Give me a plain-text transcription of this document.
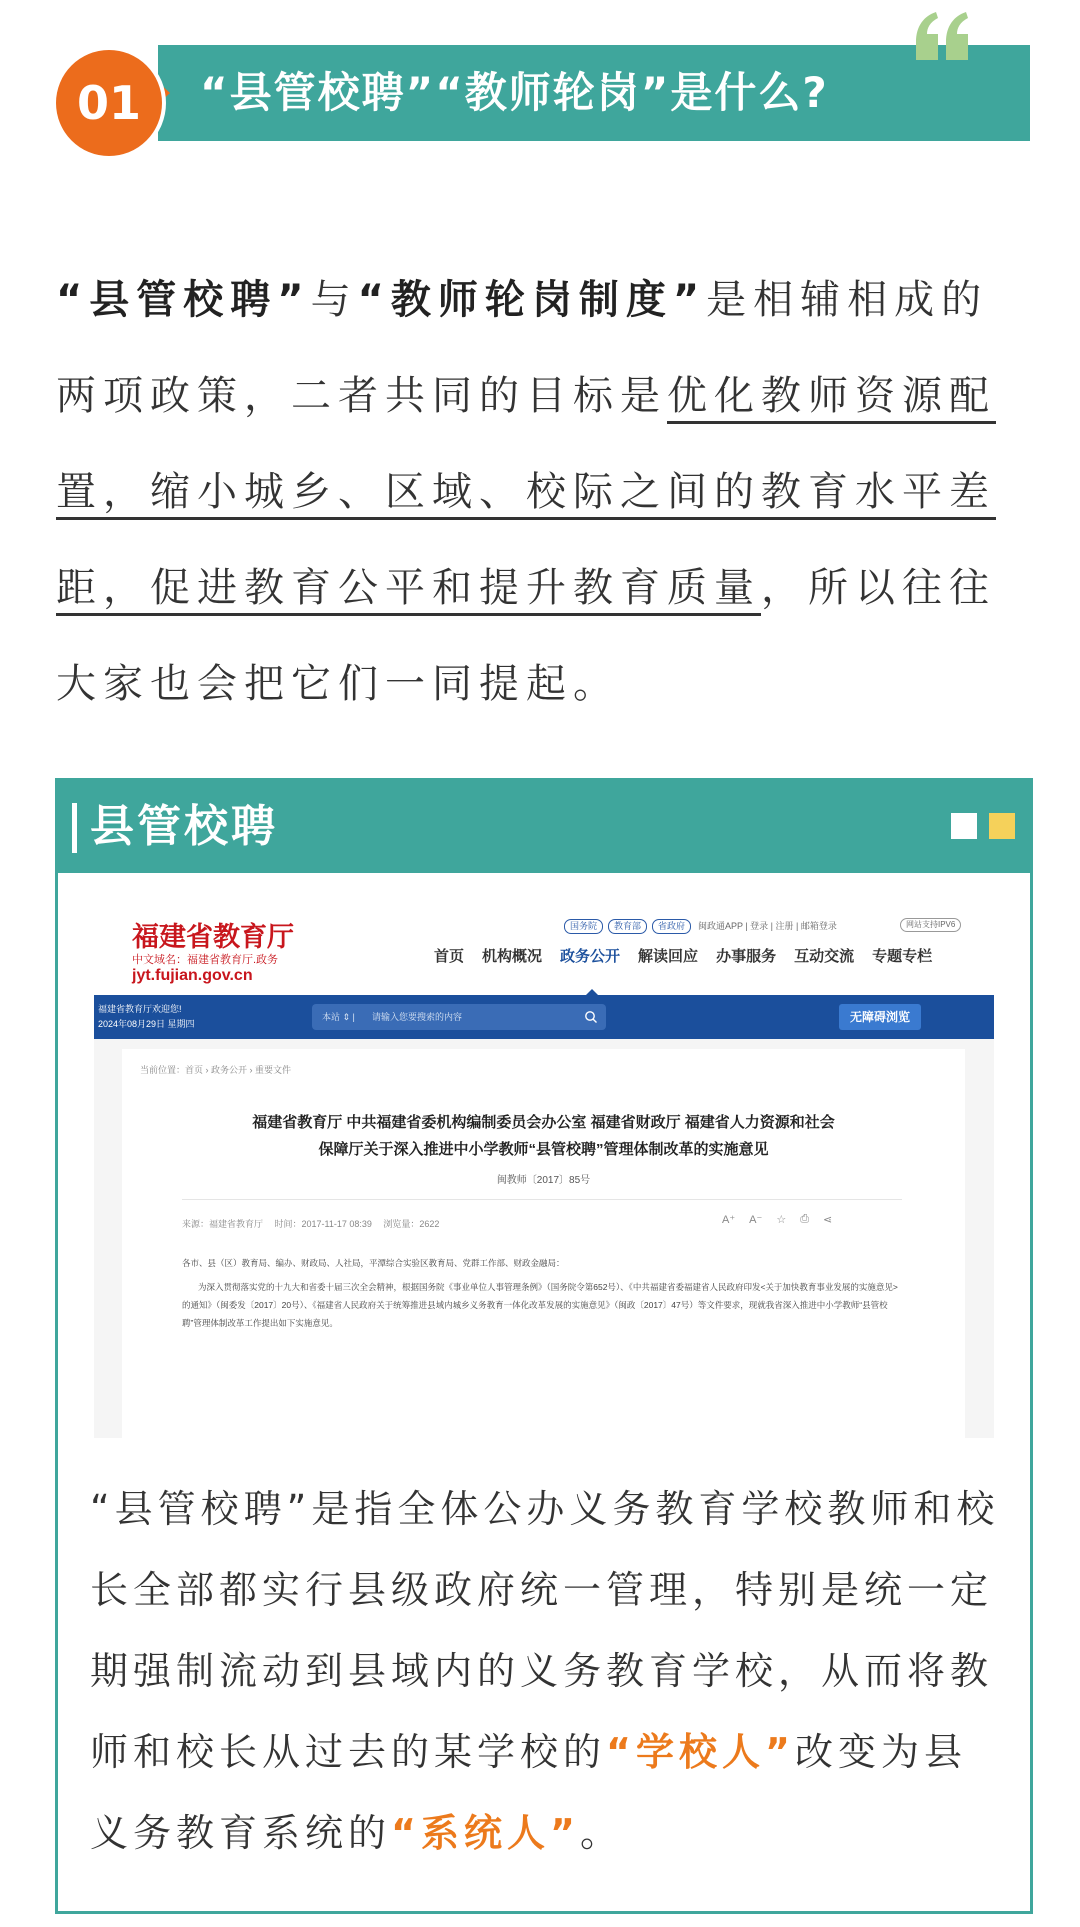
“县管校聘”“教师轮岗”是什么?
01
“县管校聘”与“教师轮岗制度”是相辅相成的两项政策，二者共同的目标是优化教师资源配置，缩小城乡、区域、校际之间的教育水平差距，促进教育公平和提升教育质量，所以往往大家也会把它们一同提起。
县管校聘
福建省教育厅
中文域名：福建省教育厅.政务
jyt.fujian.gov.cn
国务院	教育部	省政府	闽政通APP | 登录 | 注册 | 邮箱登录	网站支持IPV6
首页 机构概况 政务公开 解读回应 办事服务 互动交流 专题专栏
福建省教育厅欢迎您!
2024年08月29日 星期四
本站 ⇕ | 请输入您要搜索的内容	无障碍浏览
当前位置：首页 › 政务公开 › 重要文件
福建省教育厅 中共福建省委机构编制委员会办公室 福建省财政厅 福建省人力资源和社会
保障厅关于深入推进中小学教师“县管校聘”管理体制改革的实施意见
闽教师〔2017〕85号
来源：福建省教育厅　 时间：2017-11-17 08:39　 浏览量：2622	A⁺ A⁻ ☆ ⎙ ⋖

各市、县（区）教育局、编办、财政局、人社局，平潭综合实验区教育局、党群工作部、财政金融局：

为深入贯彻落实党的十九大和省委十届三次全会精神，根据国务院《事业单位人事管理条例》（国务院令第652号）、《中共福建省委福建省人民政府印发<关于加快教育事业发展的实施意见>的通知》（闽委发〔2017〕20号）、《福建省人民政府关于统筹推进县域内城乡义务教育一体化改革发展的实施意见》（闽政〔2017〕47号）等文件要求，现就我省深入推进中小学教师“县管校聘”管理体制改革工作提出如下实施意见。

“县管校聘”是指全体公办义务教育学校教师和校长全部都实行县级政府统一管理，特别是统一定期强制流动到县域内的义务教育学校，从而将教师和校长从过去的某学校的“学校人”改变为县义务教育系统的“系统人”。
